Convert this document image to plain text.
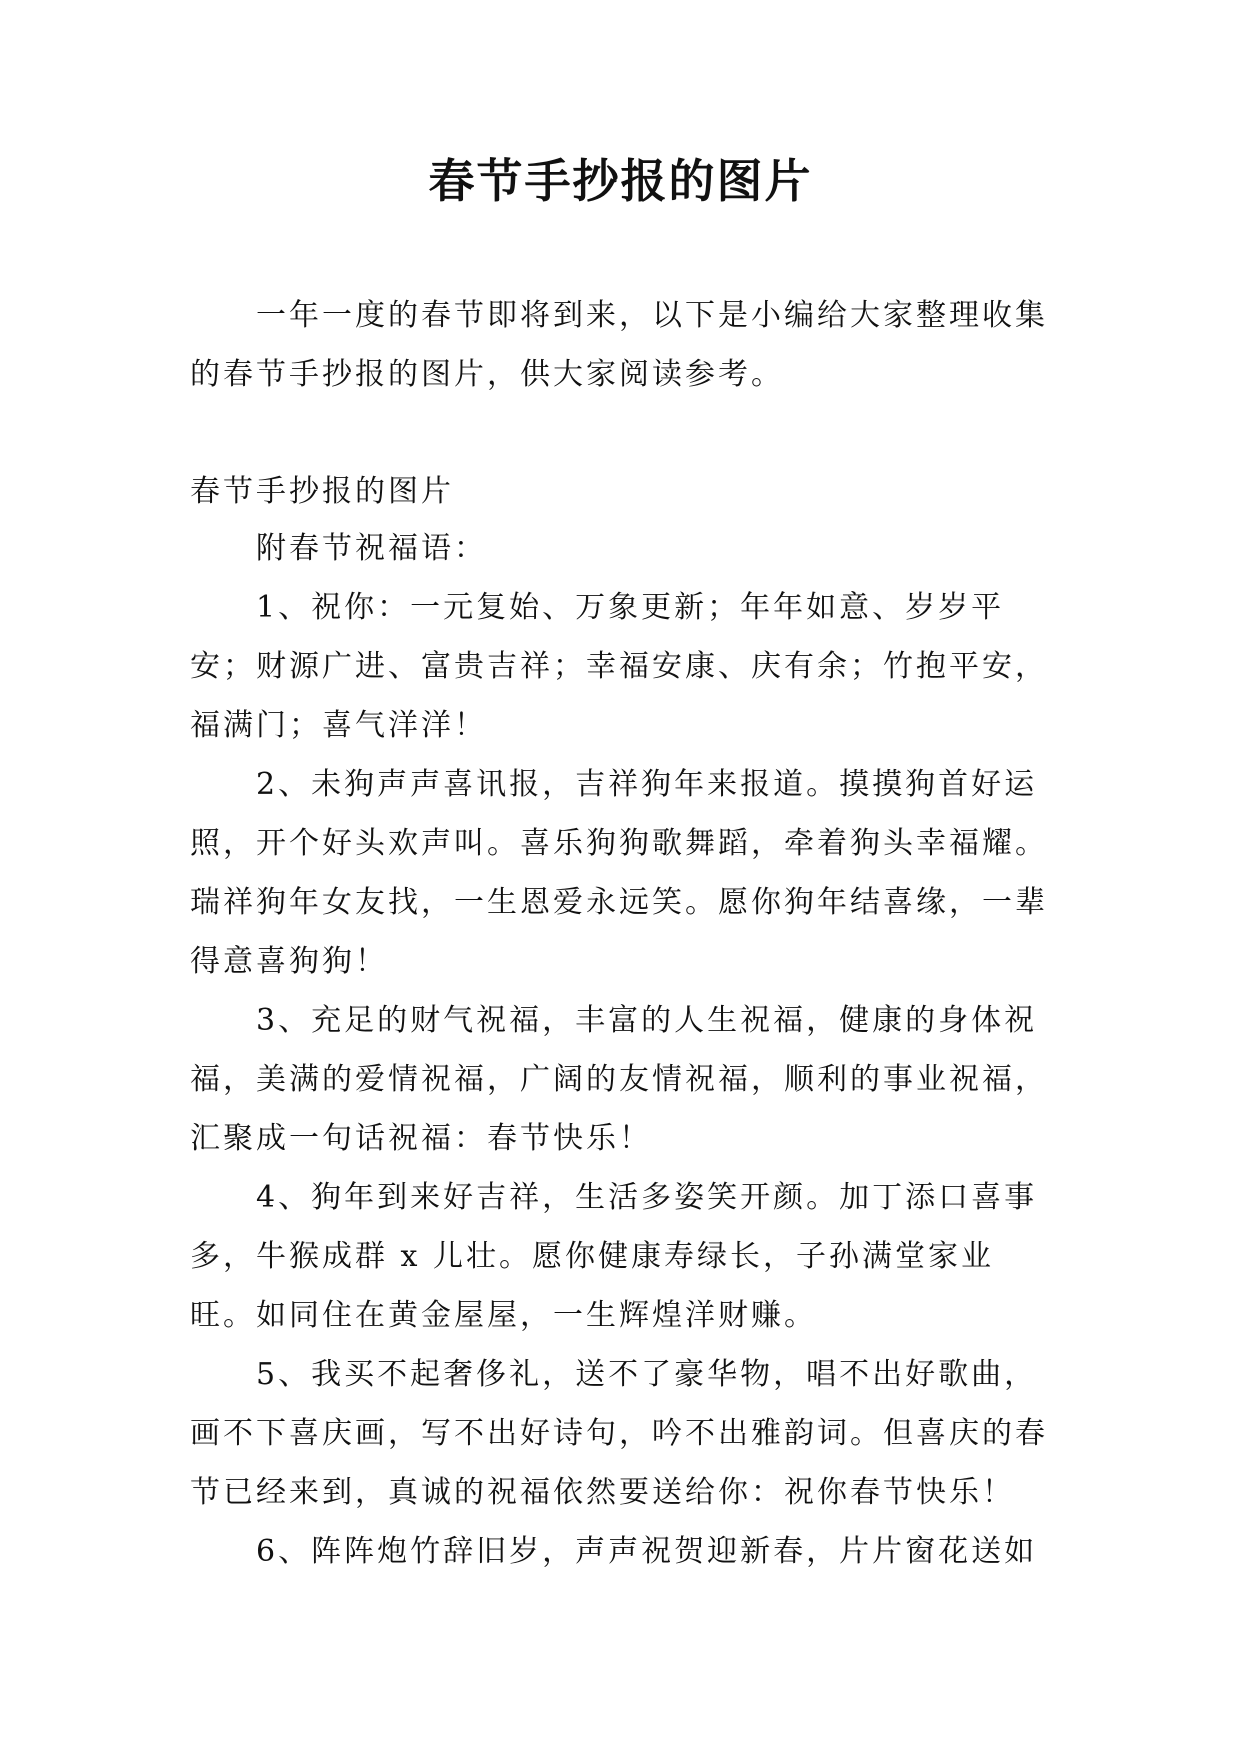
春节手抄报的图片

一年一度的春节即将到来，以下是小编给大家整理收集的春节手抄报的图片，供大家阅读参考。

春节手抄报的图片

附春节祝福语：

1、祝你：一元复始、万象更新；年年如意、岁岁平安；财源广进、富贵吉祥；幸福安康、庆有余；竹抱平安，福满门；喜气洋洋！

2、未狗声声喜讯报，吉祥狗年来报道。摸摸狗首好运照，开个好头欢声叫。喜乐狗狗歌舞蹈，牵着狗头幸福耀。瑞祥狗年女友找，一生恩爱永远笑。愿你狗年结喜缘，一辈得意喜狗狗！

3、充足的财气祝福，丰富的人生祝福，健康的身体祝福，美满的爱情祝福，广阔的友情祝福，顺利的事业祝福，汇聚成一句话祝福：春节快乐！

4、狗年到来好吉祥，生活多姿笑开颜。加丁添口喜事多，牛猴成群 x 儿壮。愿你健康寿绿长，子孙满堂家业旺。如同住在黄金屋屋，一生辉煌洋财赚。

5、我买不起奢侈礼，送不了豪华物，唱不出好歌曲，画不下喜庆画，写不出好诗句，吟不出雅韵词。但喜庆的春节已经来到，真诚的祝福依然要送给你：祝你春节快乐！

6、阵阵炮竹辞旧岁，声声祝贺迎新春，片片窗花送如
